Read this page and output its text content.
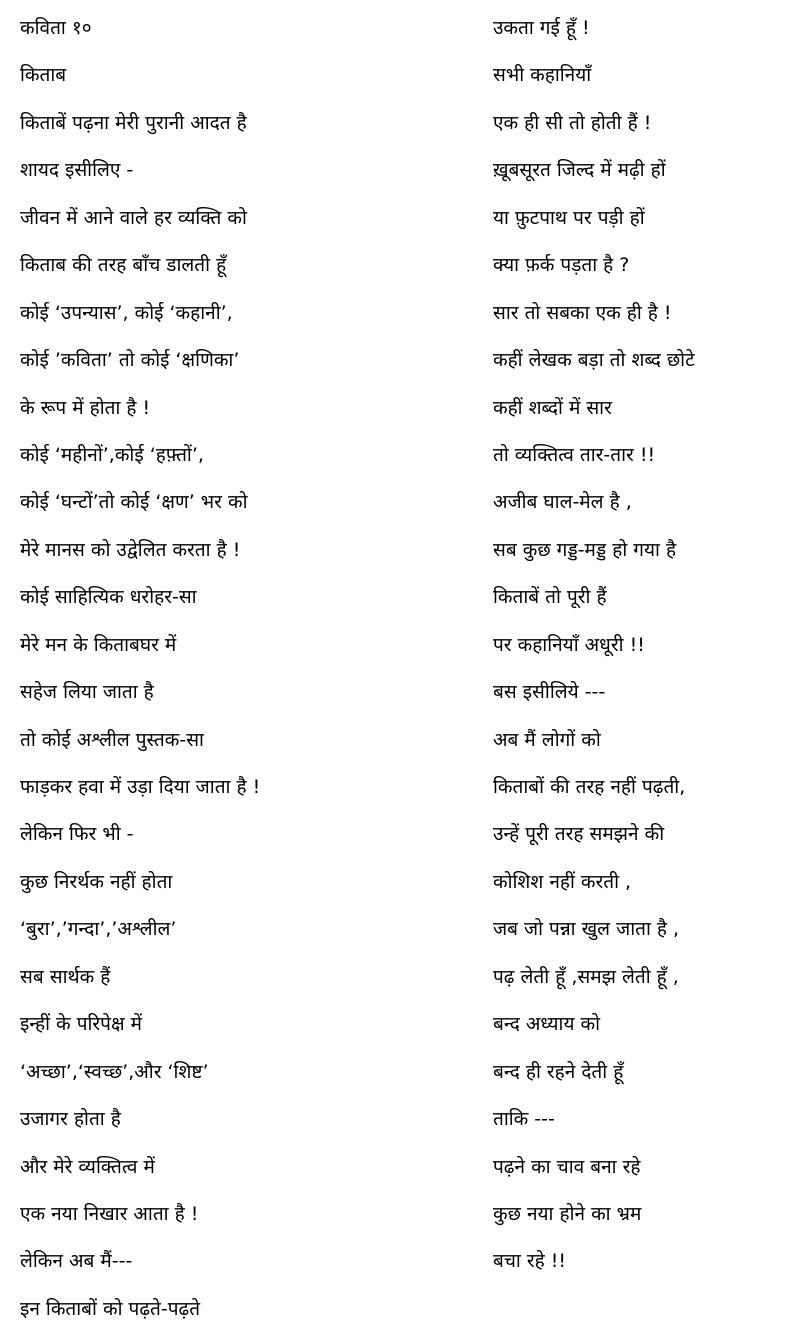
कविता १०
किताब
किताबें पढ़ना मेरी पुरानी आदत है
शायद इसीलिए -
जीवन में आने वाले हर व्यक्ति को
किताब की तरह बाँच डालती हूँ
कोई ‘उपन्यास’, कोई ‘कहानी’,
कोई ’कविता’ तो कोई ‘क्षणिका’
के रूप में होता है !
कोई ‘महीनों’,कोई ‘हफ़्तों’,
कोई ‘घन्टों’तो कोई ‘क्षण’ भर को
मेरे मानस को उद्वेलित करता है !
कोई साहित्यिक धरोहर-सा
मेरे मन के किताबघर में
सहेज लिया जाता है
तो कोई अश्लील पुस्तक-सा
फाड़कर हवा में उड़ा दिया जाता है !
लेकिन फिर भी -
कुछ निरर्थक नहीं होता
‘बुरा’,’गन्दा’,’अश्लील’
सब सार्थक हैं
इन्हीं के परिपेक्ष में
‘अच्छा’,‘स्वच्छ’,और ‘शिष्ट’
उजागर होता है
और मेरे व्यक्तित्व में
एक नया निखार आता है !
लेकिन अब मैं---
इन किताबों को पढ़ते-पढ़ते
उकता गई हूँ !
सभी कहानियाँ
एक ही सी तो होती हैं !
ख़ूबसूरत जिल्द में मढ़ी हों
या फ़ुटपाथ पर पड़ी हों
क्या फ़र्क पड़ता है ?
सार तो सबका एक ही है !
कहीं लेखक बड़ा तो शब्द छोटे
कहीं शब्दों में सार
तो व्यक्तित्व तार-तार !!
अजीब घाल-मेल है ,
सब कुछ गड्ड-मड्ड हो गया है
किताबें तो पूरी हैं
पर कहानियाँ अधूरी !!
बस इसीलिये ---
अब मैं लोगों को
किताबों की तरह नहीं पढ़ती,
उन्हें पूरी तरह समझने की
कोशिश नहीं करती ,
जब जो पन्ना खुल जाता है ,
पढ़ लेती हूँ ,समझ लेती हूँ ,
बन्द अध्याय को
बन्द ही रहने देती हूँ
ताकि ---
पढ़ने का चाव बना रहे
कुछ नया होने का भ्रम
बचा रहे !!
